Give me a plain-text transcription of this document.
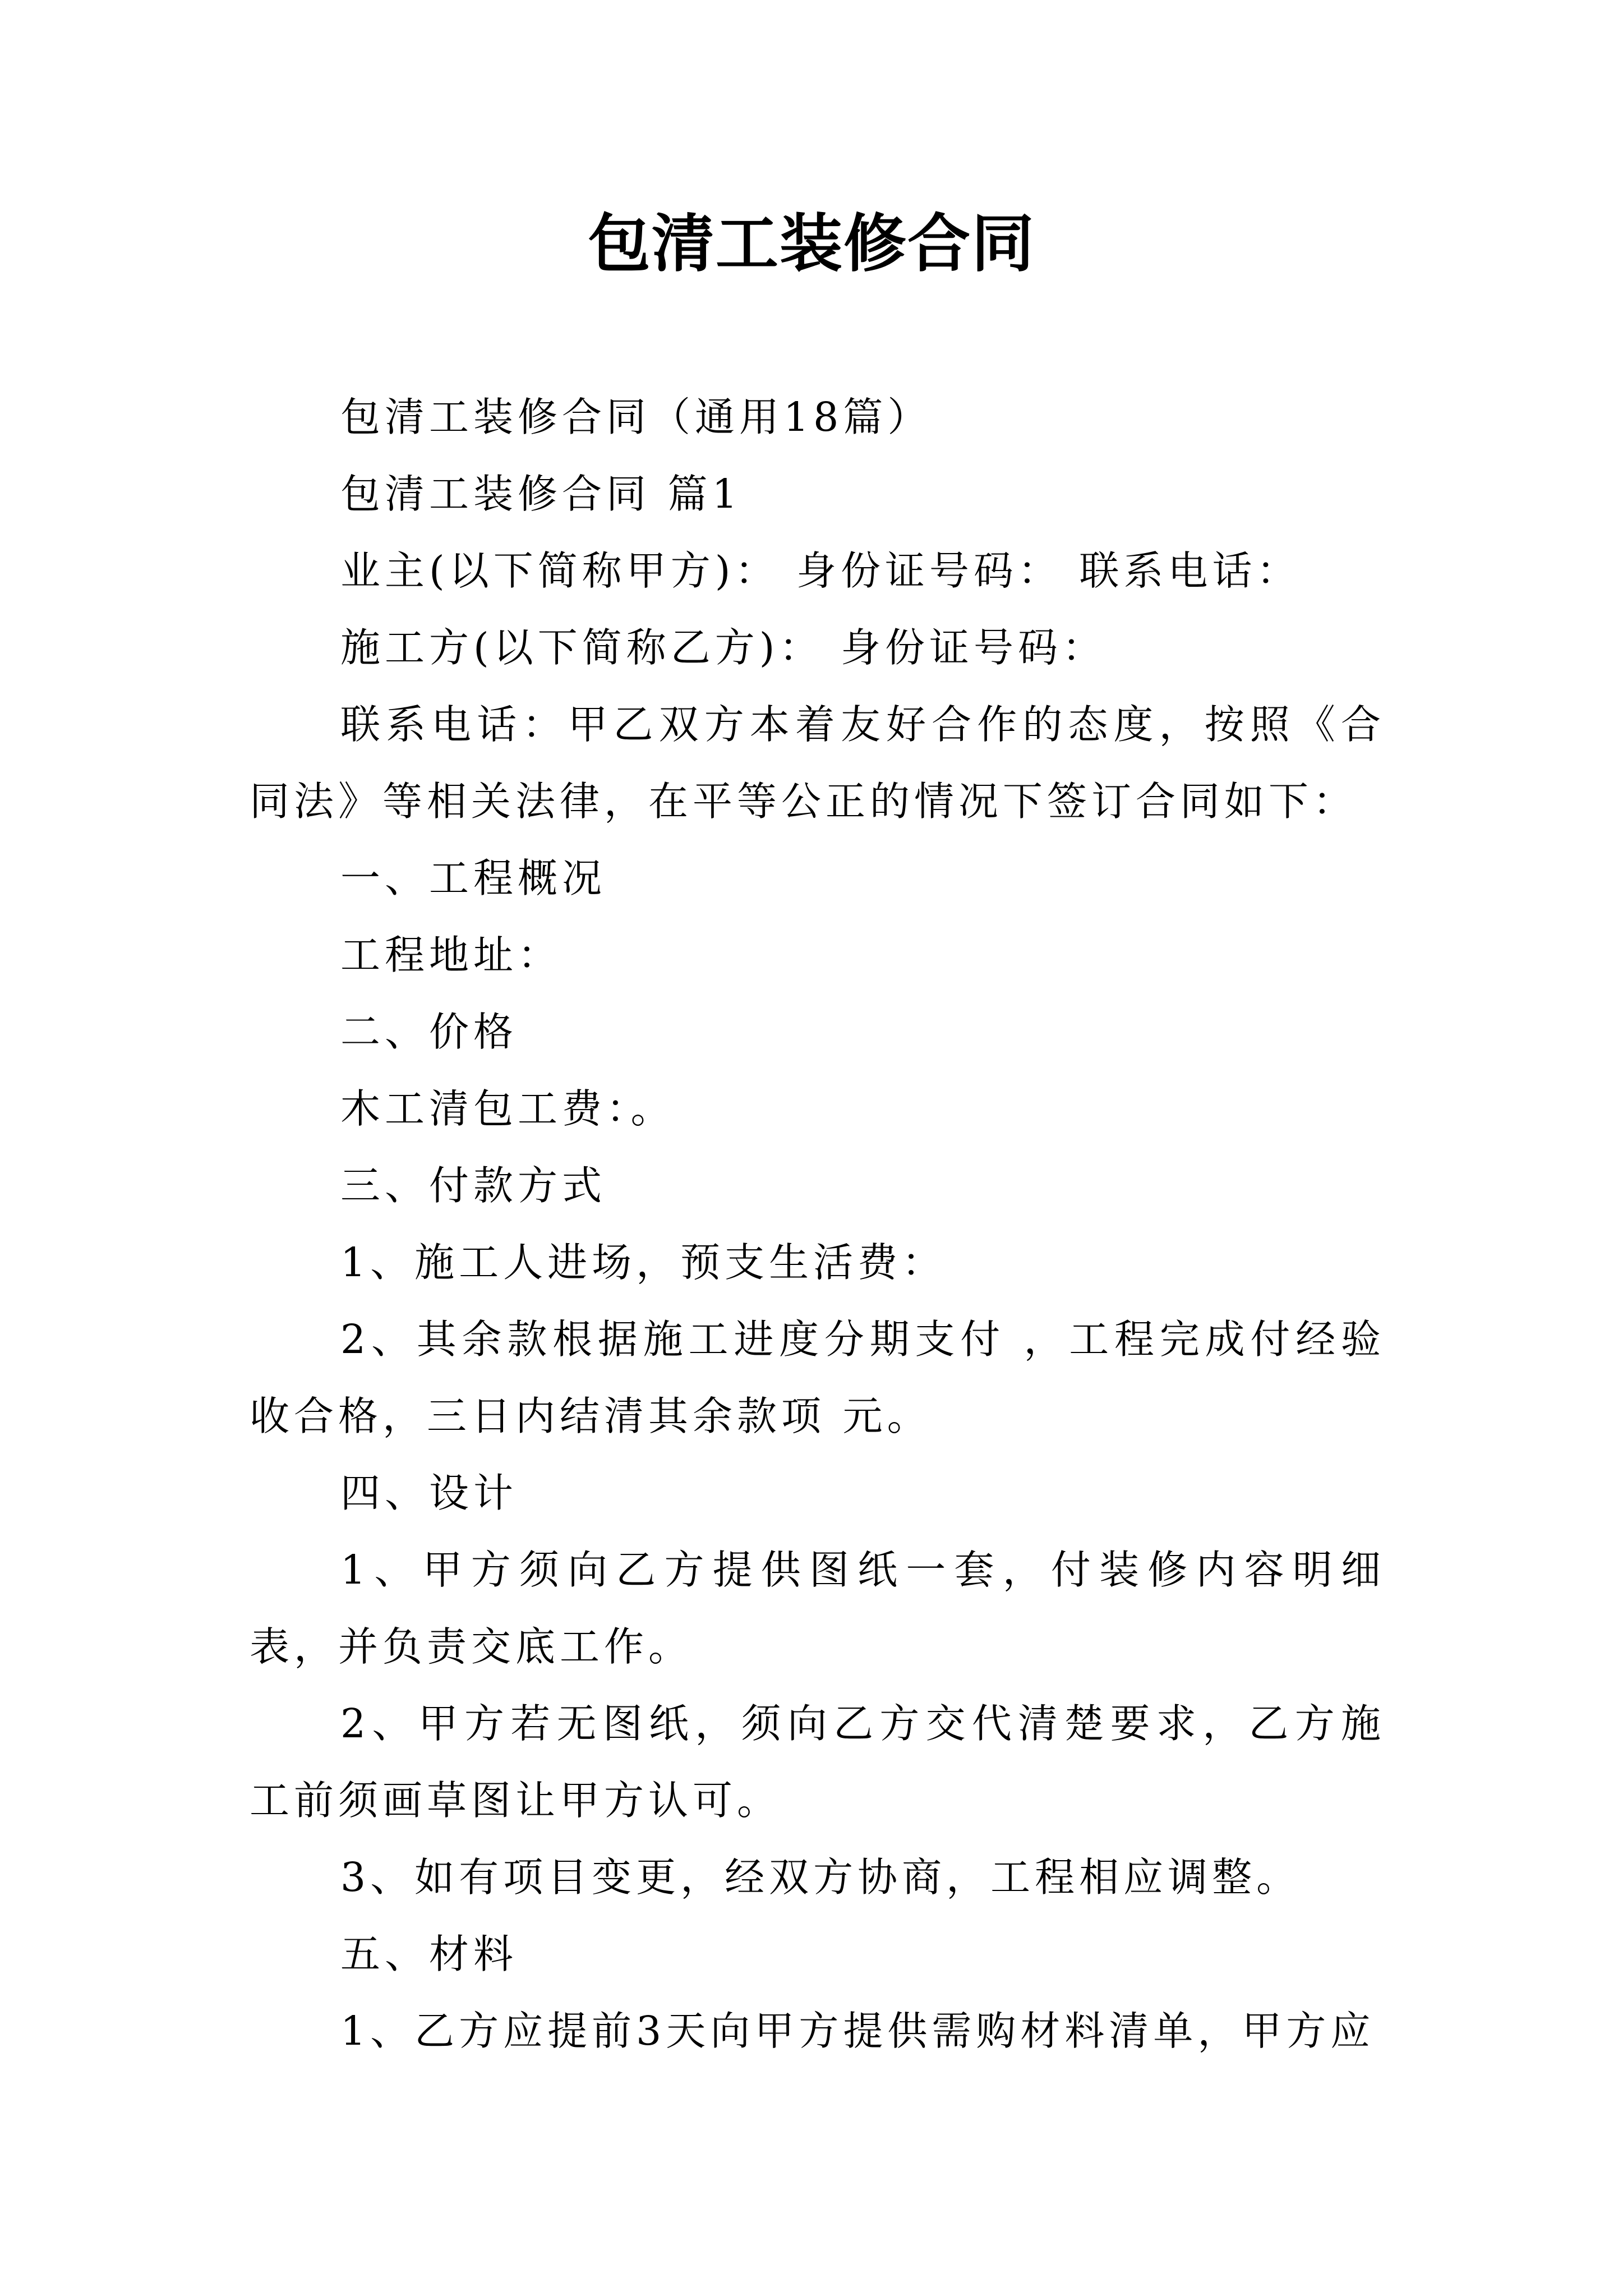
包清工装修合同

包清工装修合同（通用18篇）

包清工装修合同 篇1

业主(以下简称甲方)： 身份证号码： 联系电话：

施工方(以下简称乙方)： 身份证号码：

联系电话：甲乙双方本着友好合作的态度，按照《合同法》等相关法律，在平等公正的情况下签订合同如下：

一、工程概况

工程地址：

二、价格

木工清包工费：。

三、付款方式

1、施工人进场，预支生活费：

2、其余款根据施工进度分期支付 ，工程完成付经验收合格，三日内结清其余款项 元。

四、设计

1、甲方须向乙方提供图纸一套，付装修内容明细表，并负责交底工作。

2、甲方若无图纸，须向乙方交代清楚要求，乙方施工前须画草图让甲方认可。

3、如有项目变更，经双方协商，工程相应调整。

五、材料

1、乙方应提前3天向甲方提供需购材料清单，甲方应
